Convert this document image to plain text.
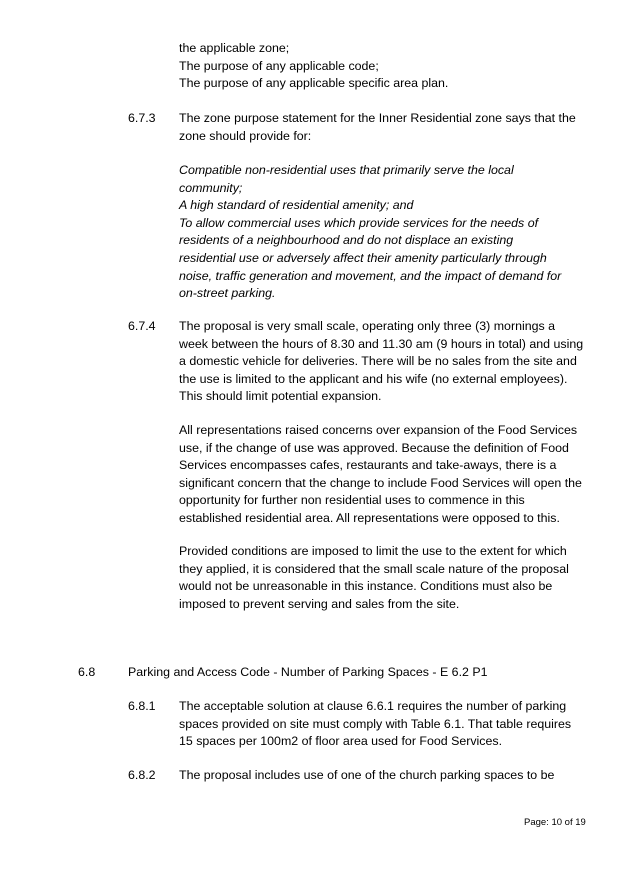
the applicable zone;
The purpose of any applicable code;
The purpose of any applicable specific area plan.
6.7.3 The zone purpose statement for the Inner Residential zone says that the
zone should provide for:
Compatible non-residential uses that primarily serve the local
community;
A high standard of residential amenity; and
To allow commercial uses which provide services for the needs of
residents of a neighbourhood and do not displace an existing
residential use or adversely affect their amenity particularly through
noise, traffic generation and movement, and the impact of demand for
on-street parking.
6.7.4 The proposal is very small scale, operating only three (3) mornings a
week between the hours of 8.30 and 11.30 am (9 hours in total) and using
a domestic vehicle for deliveries. There will be no sales from the site and
the use is limited to the applicant and his wife (no external employees).
This should limit potential expansion.
All representations raised concerns over expansion of the Food Services
use, if the change of use was approved. Because the definition of Food
Services encompasses cafes, restaurants and take-aways, there is a
significant concern that the change to include Food Services will open the
opportunity for further non residential uses to commence in this
established residential area. All representations were opposed to this.
Provided conditions are imposed to limit the use to the extent for which
they applied, it is considered that the small scale nature of the proposal
would not be unreasonable in this instance. Conditions must also be
imposed to prevent serving and sales from the site.
6.8	Parking and Access Code - Number of Parking Spaces - E 6.2 P1
6.8.1 The acceptable solution at clause 6.6.1 requires the number of parking
spaces provided on site must comply with Table 6.1. That table requires
15 spaces per 100m2 of floor area used for Food Services.
6.8.2 The proposal includes use of one of the church parking spaces to be
Page: 10 of 19
